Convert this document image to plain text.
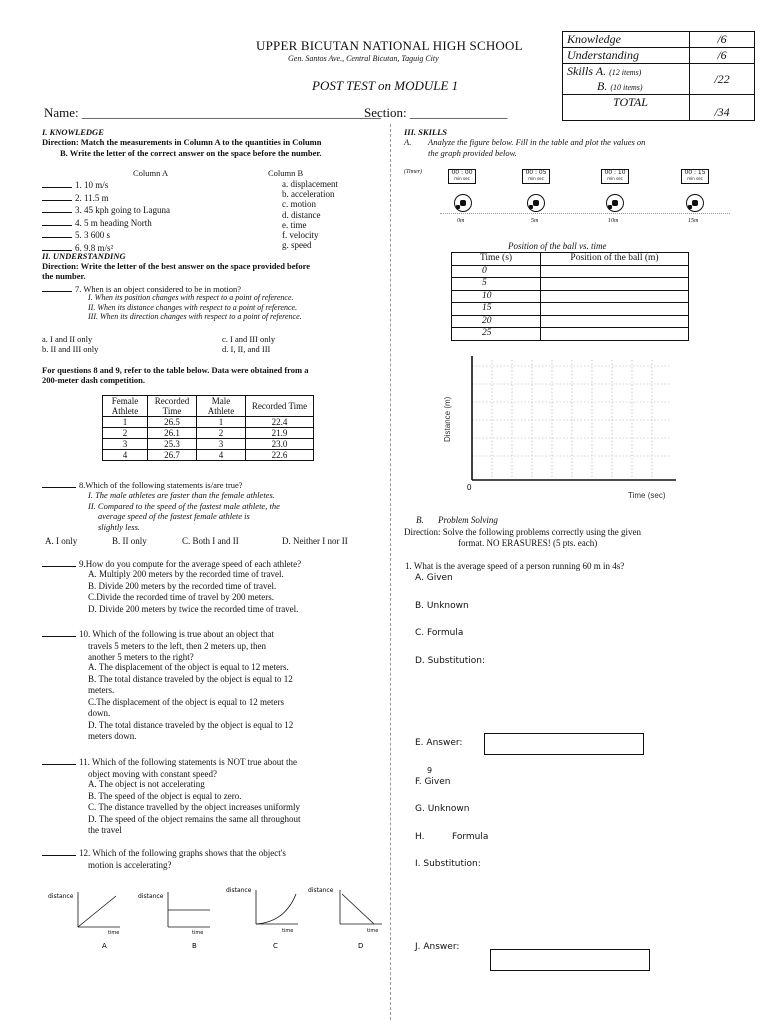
UPPER BICUTAN NATIONAL HIGH SCHOOL
Gen. Santos Ave., Central Bicutan, Taguig City
POST TEST on MODULE 1
Name: ______________________________________________
Section: _______________
Knowledge	/6
Understanding	/6
Skills A. (12 items)	/22
B. (10 items)	
TOTAL	/34
I. KNOWLEDGE
Direction: Match the measurements in Column A to the quantities in Column
B. Write the letter of the correct answer on the space before the number.
Column A	Column B
1. 10 m/s
2. 11.5 m
3. 45 kph going to Laguna
4. 5 m heading North
5. 3 600 s
6. 9.8 m/s²
a. displacement
b. acceleration
c. motion
d. distance
e. time
f. velocity
g. speed
II. UNDERSTANDING
Direction: Write the letter of the best answer on the space provided before
the number.
7. When is an object considered to be in motion?
I. When its position changes with respect to a point of reference.
II. When its distance changes with respect to a point of reference.
III. When its direction changes with respect to a point of reference.
a. I and II only	c. I and III only
b. II and III only	d. I, II, and III
For questions 8 and 9, refer to the table below. Data were obtained from a
200-meter dash competition.
Female Athlete	Recorded Time	Male Athlete	Recorded Time
1	26.5	1	22.4
2	26.1	2	21.9
3	25.3	3	23.0
4	26.7	4	22.6
8.Which of the following statements is/are true?
I. The male athletes are faster than the female athletes.
II. Compared to the speed of the fastest male athlete, the
average speed of the fastest female athlete is
slightly less.
A. I only	B. II only	C. Both I and II	D. Neither I nor II
9.How do you compute for the average speed of each athlete?
A. Multiply 200 meters by the recorded time of travel.
B. Divide 200 meters by the recorded time of travel.
C.Divide the recorded time of travel by 200 meters.
D. Divide 200 meters by twice the recorded time of travel.
10. Which of the following is true about an object that
travels 5 meters to the left, then 2 meters up, then
another 5 meters to the right?
A. The displacement of the object is equal to 12 meters.
B. The total distance traveled by the object is equal to 12
meters.
C.The displacement of the object is equal to 12 meters
down.
D. The total distance traveled by the object is equal to 12
meters down.
11. Which of the following statements is NOT true about the
object moving with constant speed?
A. The object is not accelerating
B. The speed of the object is equal to zero.
C. The distance travelled by the object increases uniformly
D. The speed of the object remains the same all throughout
the travel
12. Which of the following graphs shows that the object's
motion is accelerating?
distance
time
A
distance
time
B
distance
time
C
distance
time
D
III. SKILLS
A. Analyze the figure below. Fill in the table and plot the values on
the graph provided below.
(Timer)	00 : 00
min sec
00 : 05
min sec
00 : 10
min sec
00 : 15
min sec
0m	5m	10m	15m
Position of the ball vs. time
Time (s)	Position of the ball (m)
0	
5	
10	
15	
20	
25	
Distance (m)
0
Time (sec)
B. Problem Solving
Direction: Solve the following problems correctly using the given
format. NO ERASURES! (5 pts. each)
1. What is the average speed of a person running 60 m in 4s?
A. Given
B. Unknown
C. Formula
D. Substitution:
E. Answer:
9
F. Given
G. Unknown
H.	Formula
I. Substitution:
J. Answer:
